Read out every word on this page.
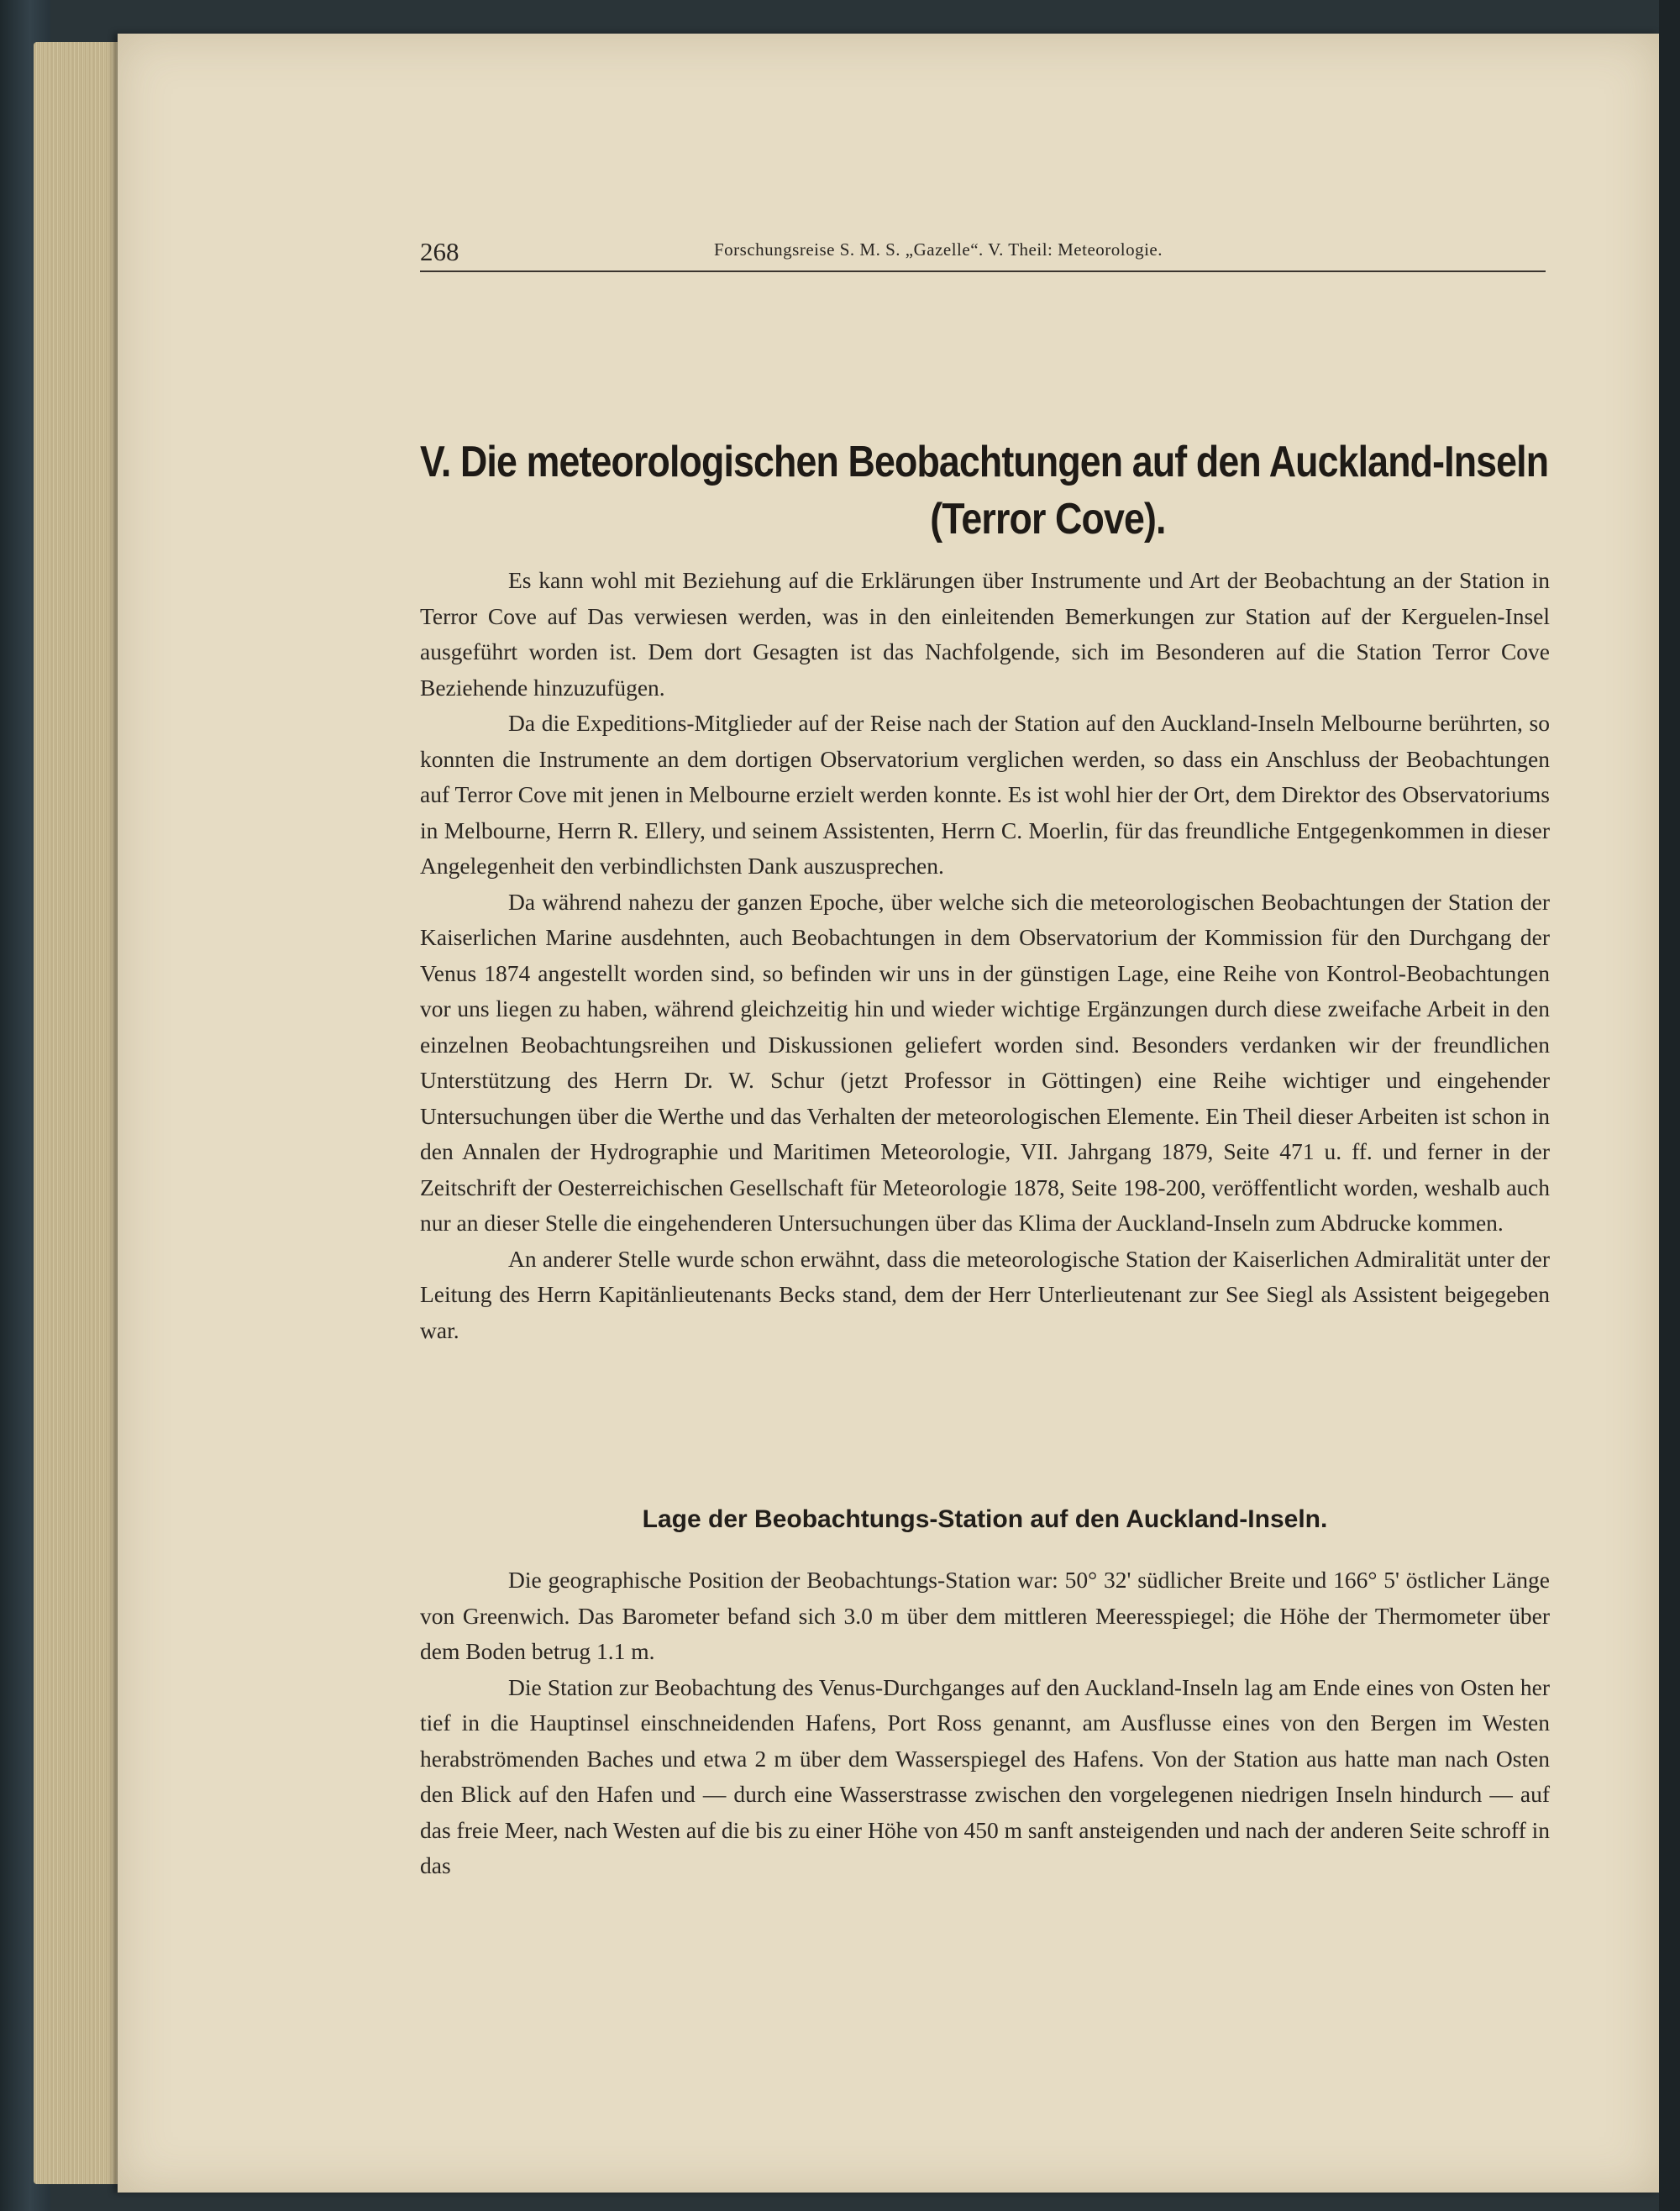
268	Forschungsreise S. M. S. „Gazelle“. V. Theil: Meteorologie.
V. Die meteorologischen Beobachtungen auf den Auckland-Inseln
(Terror Cove).

Es kann wohl mit Beziehung auf die Erklärungen über Instrumente und Art der Beobachtung an der Station in Terror Cove auf Das verwiesen werden, was in den einleitenden Bemerkungen zur Station auf der Kerguelen-Insel ausgeführt worden ist. Dem dort Gesagten ist das Nachfolgende, sich im Besonderen auf die Station Terror Cove Beziehende hinzuzufügen.

Da die Expeditions-Mitglieder auf der Reise nach der Station auf den Auckland-Inseln Melbourne berührten, so konnten die Instrumente an dem dortigen Observatorium verglichen werden, so dass ein Anschluss der Beobachtungen auf Terror Cove mit jenen in Melbourne erzielt werden konnte. Es ist wohl hier der Ort, dem Direktor des Observatoriums in Melbourne, Herrn R. Ellery, und seinem Assistenten, Herrn C. Moerlin, für das freundliche Entgegenkommen in dieser Angelegenheit den verbindlichsten Dank auszusprechen.

Da während nahezu der ganzen Epoche, über welche sich die meteorologischen Beobachtungen der Station der Kaiserlichen Marine ausdehnten, auch Beobachtungen in dem Observatorium der Kommission für den Durchgang der Venus 1874 angestellt worden sind, so befinden wir uns in der günstigen Lage, eine Reihe von Kontrol-Beobachtungen vor uns liegen zu haben, während gleichzeitig hin und wieder wichtige Ergänzungen durch diese zweifache Arbeit in den einzelnen Beobachtungsreihen und Diskussionen geliefert worden sind. Besonders verdanken wir der freundlichen Unterstützung des Herrn Dr. W. Schur (jetzt Professor in Göttingen) eine Reihe wichtiger und eingehender Untersuchungen über die Werthe und das Verhalten der meteorologischen Elemente. Ein Theil dieser Arbeiten ist schon in den Annalen der Hydrographie und Maritimen Meteorologie, VII. Jahrgang 1879, Seite 471 u. ff. und ferner in der Zeitschrift der Oesterreichischen Gesellschaft für Meteorologie 1878, Seite 198-200, veröffentlicht worden, weshalb auch nur an dieser Stelle die eingehenderen Untersuchungen über das Klima der Auckland-Inseln zum Abdrucke kommen.

An anderer Stelle wurde schon erwähnt, dass die meteorologische Station der Kaiserlichen Admiralität unter der Leitung des Herrn Kapitänlieutenants Becks stand, dem der Herr Unterlieutenant zur See Siegl als Assistent beigegeben war.

Lage der Beobachtungs-Station auf den Auckland-Inseln.

Die geographische Position der Beobachtungs-Station war: 50° 32' südlicher Breite und 166° 5' östlicher Länge von Greenwich. Das Barometer befand sich 3.0 m über dem mittleren Meeresspiegel; die Höhe der Thermometer über dem Boden betrug 1.1 m.

Die Station zur Beobachtung des Venus-Durchganges auf den Auckland-Inseln lag am Ende eines von Osten her tief in die Hauptinsel einschneidenden Hafens, Port Ross genannt, am Ausflusse eines von den Bergen im Westen herabströmenden Baches und etwa 2 m über dem Wasserspiegel des Hafens. Von der Station aus hatte man nach Osten den Blick auf den Hafen und — durch eine Wasserstrasse zwischen den vorgelegenen niedrigen Inseln hindurch — auf das freie Meer, nach Westen auf die bis zu einer Höhe von 450 m sanft ansteigenden und nach der anderen Seite schroff in das
